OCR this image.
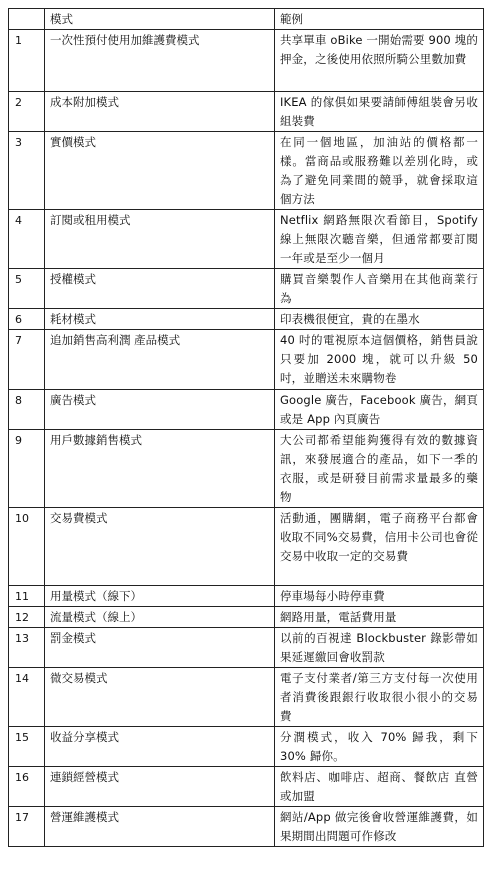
	模式	範例
1	一次性預付使用加維護費模式	共享單車 oBike 一開始需要 900 塊的押金，之後使用依照所騎公里數加費
2	成本附加模式	IKEA 的傢俱如果要請師傅組裝會另收組裝費
3	實價模式	在同一個地區，加油站的價格都一樣。當商品或服務難以差別化時，或為了避免同業間的競爭，就會採取這個方法
4	訂閱或租用模式	Netflix 網路無限次看節目，Spotify 線上無限次聽音樂，但通常都要訂閱一年或是至少一個月
5	授權模式	購買音樂製作人音樂用在其他商業行為
6	耗材模式	印表機很便宜，貴的在墨水
7	追加銷售高利潤 產品模式	40 吋的電視原本這個價格，銷售員說只要加 2000 塊，就可以升級 50 吋，並贈送未來購物卷
8	廣告模式	Google 廣告，Facebook 廣告，網頁或是 App 內頁廣告
9	用戶數據銷售模式	大公司都希望能夠獲得有效的數據資訊，來發展適合的產品，如下一季的衣服，或是研發目前需求量最多的藥物
10	交易費模式	活動通，團購網，電子商務平台都會收取不同%交易費，信用卡公司也會從交易中收取一定的交易費
11	用量模式（線下）	停車場每小時停車費
12	流量模式（線上）	網路用量，電話費用量
13	罰金模式	以前的百視達 Blockbuster 錄影帶如果延遲繳回會收罰款
14	微交易模式	電子支付業者/第三方支付每一次使用者消費後跟銀行收取很小很小的交易費
15	收益分享模式	分潤模式，收入 70% 歸我，剩下 30% 歸你。
16	連鎖經營模式	飲料店、咖啡店、超商、餐飲店 直營或加盟
17	營運維護模式	網站/App 做完後會收營運維護費，如果期間出問題可作修改
